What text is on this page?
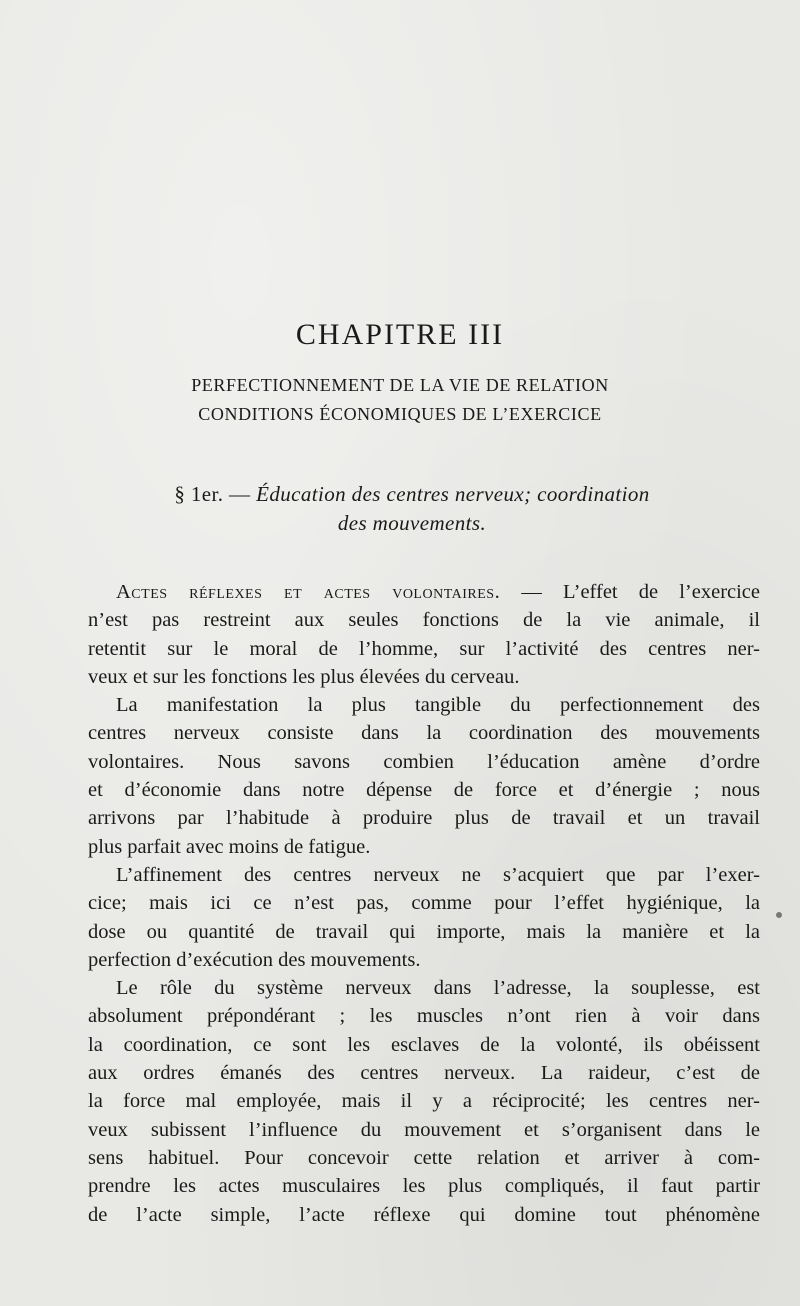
CHAPITRE III
PERFECTIONNEMENT DE LA VIE DE RELATION
CONDITIONS ÉCONOMIQUES DE L’EXERCICE
§ 1er. — Éducation des centres nerveux; coordination
des mouvements.
Actes réflexes et actes volontaires. — L’effet de l’exercice
n’est pas restreint aux seules fonctions de la vie animale, il
retentit sur le moral de l’homme, sur l’activité des centres ner-
veux et sur les fonctions les plus élevées du cerveau.
La manifestation la plus tangible du perfectionnement des
centres nerveux consiste dans la coordination des mouvements
volontaires. Nous savons combien l’éducation amène d’ordre
et d’économie dans notre dépense de force et d’énergie ; nous
arrivons par l’habitude à produire plus de travail et un travail
plus parfait avec moins de fatigue.
L’affinement des centres nerveux ne s’acquiert que par l’exer-
cice; mais ici ce n’est pas, comme pour l’effet hygiénique, la
dose ou quantité de travail qui importe, mais la manière et la
perfection d’exécution des mouvements.
Le rôle du système nerveux dans l’adresse, la souplesse, est
absolument prépondérant ; les muscles n’ont rien à voir dans
la coordination, ce sont les esclaves de la volonté, ils obéissent
aux ordres émanés des centres nerveux. La raideur, c’est de
la force mal employée, mais il y a réciprocité; les centres ner-
veux subissent l’influence du mouvement et s’organisent dans le
sens habituel. Pour concevoir cette relation et arriver à com-
prendre les actes musculaires les plus compliqués, il faut partir
de l’acte simple, l’acte réflexe qui domine tout phénomène
